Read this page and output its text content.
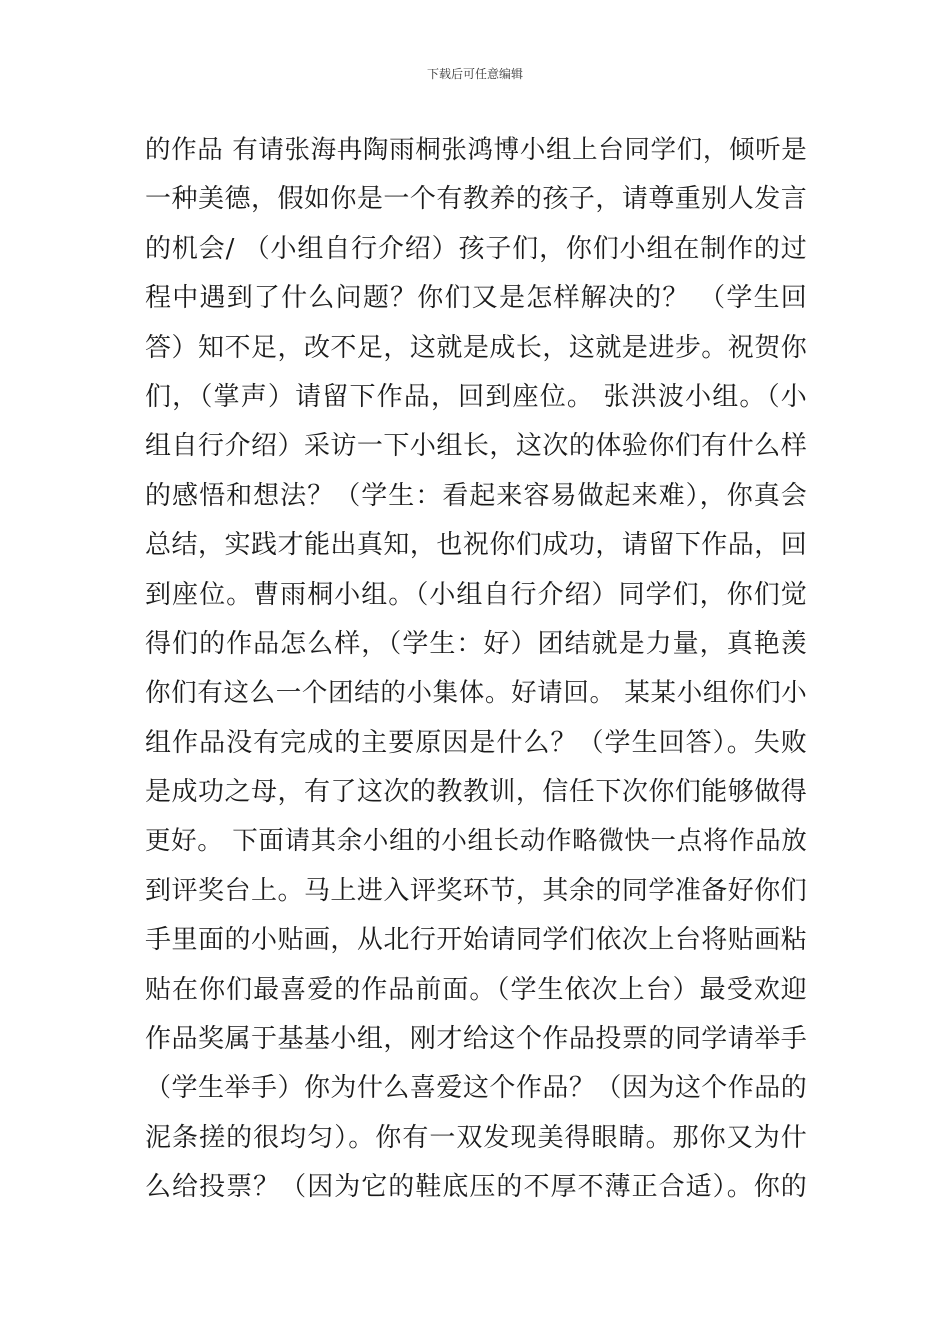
下载后可任意编辑
的作品 有请张海冉陶雨桐张鸿博小组上台同学们，倾听是
一种美德，假如你是一个有教养的孩子，请尊重别人发言
的机会/ （小组自行介绍）孩子们，你们小组在制作的过
程中遇到了什么问题？你们又是怎样解决的？ （学生回
答）知不足，改不足，这就是成长，这就是进步。祝贺你
们，（掌声）请留下作品，回到座位。 张洪波小组。（小
组自行介绍）采访一下小组长，这次的体验你们有什么样
的感悟和想法？（学生：看起来容易做起来难），你真会
总结，实践才能出真知，也祝你们成功，请留下作品，回
到座位。曹雨桐小组。（小组自行介绍）同学们，你们觉
得们的作品怎么样，（学生：好）团结就是力量，真艳羡
你们有这么一个团结的小集体。好请回。 某某小组你们小
组作品没有完成的主要原因是什么？（学生回答）。失败
是成功之母，有了这次的教教训，信任下次你们能够做得
更好。 下面请其余小组的小组长动作略微快一点将作品放
到评奖台上。马上进入评奖环节，其余的同学准备好你们
手里面的小贴画，从北行开始请同学们依次上台将贴画粘
贴在你们最喜爱的作品前面。（学生依次上台）最受欢迎
作品奖属于基基小组，刚才给这个作品投票的同学请举手
（学生举手）你为什么喜爱这个作品？（因为这个作品的
泥条搓的很均匀）。你有一双发现美得眼睛。那你又为什
么给投票？（因为它的鞋底压的不厚不薄正合适）。你的
